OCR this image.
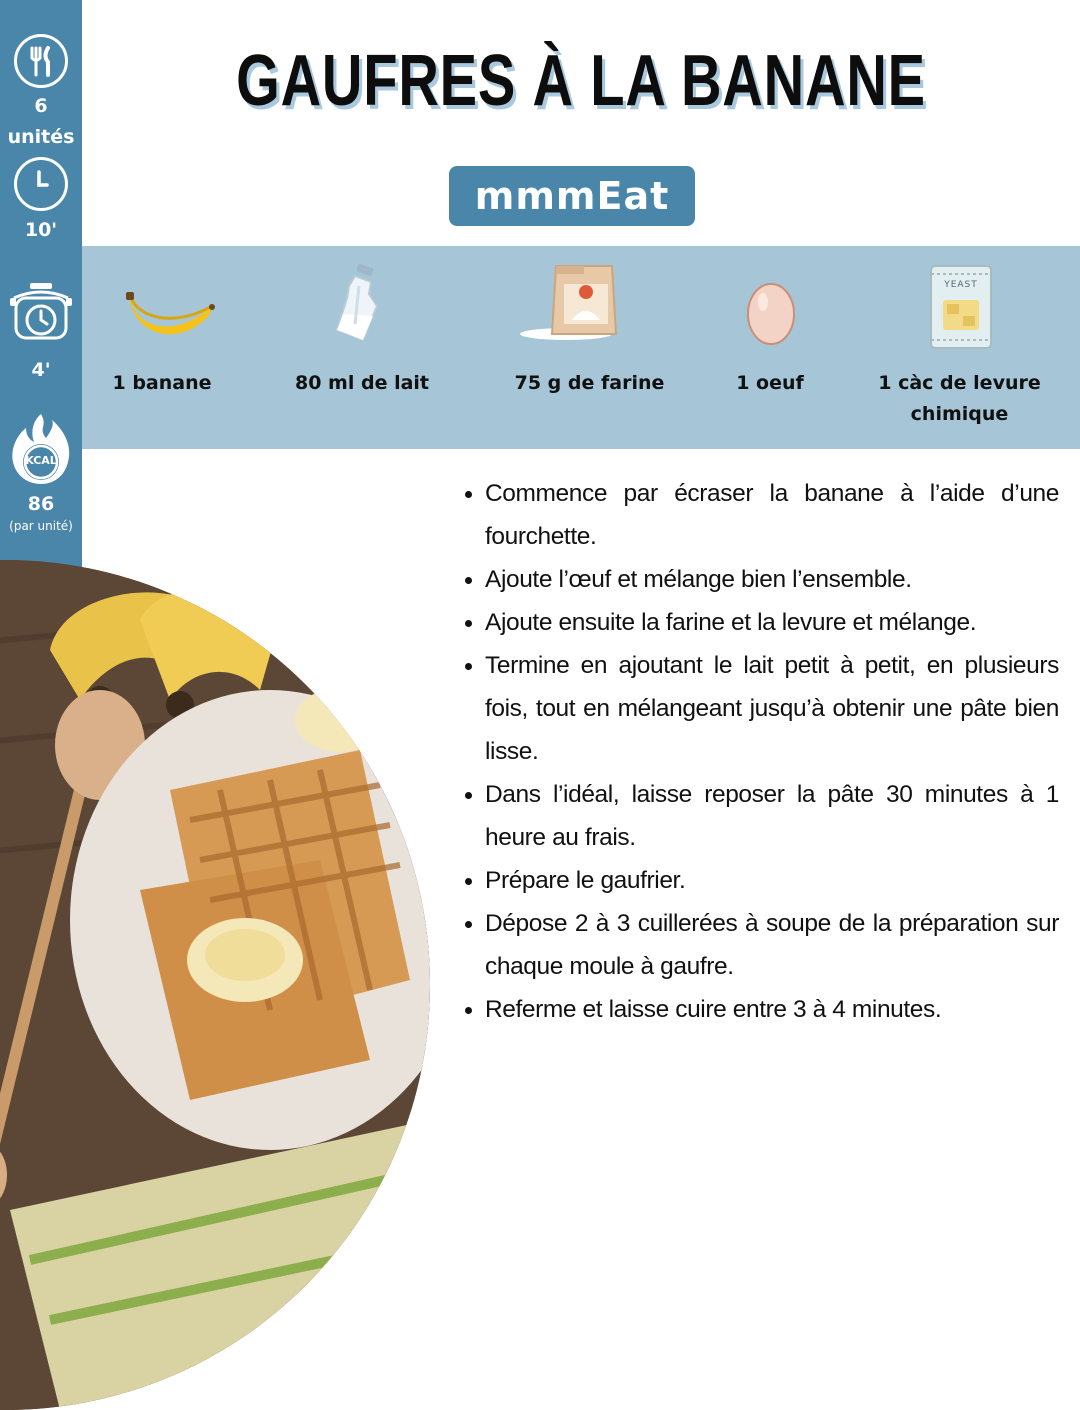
6
unités
10'
4'
KCAL
86
(par unité)
GAUFRES À LA BANANE
mmmEat
1 banane	80 ml de lait	75 g de farine	1 oeuf
YEAST
1 càc de levure chimique
Commence par écraser la banane à l’aide d’une fourchette.
Ajoute l’œuf et mélange bien l’ensemble.
Ajoute ensuite la farine et la levure et mélange.
Termine en ajoutant le lait petit à petit, en plusieurs fois, tout en mélangeant jusqu’à obtenir une pâte bien lisse.
Dans l’idéal, laisse reposer la pâte 30 minutes à 1 heure au frais.
Prépare le gaufrier.
Dépose 2 à 3 cuillerées à soupe de la préparation sur chaque moule à gaufre.
Referme et laisse cuire entre 3 à 4 minutes.
